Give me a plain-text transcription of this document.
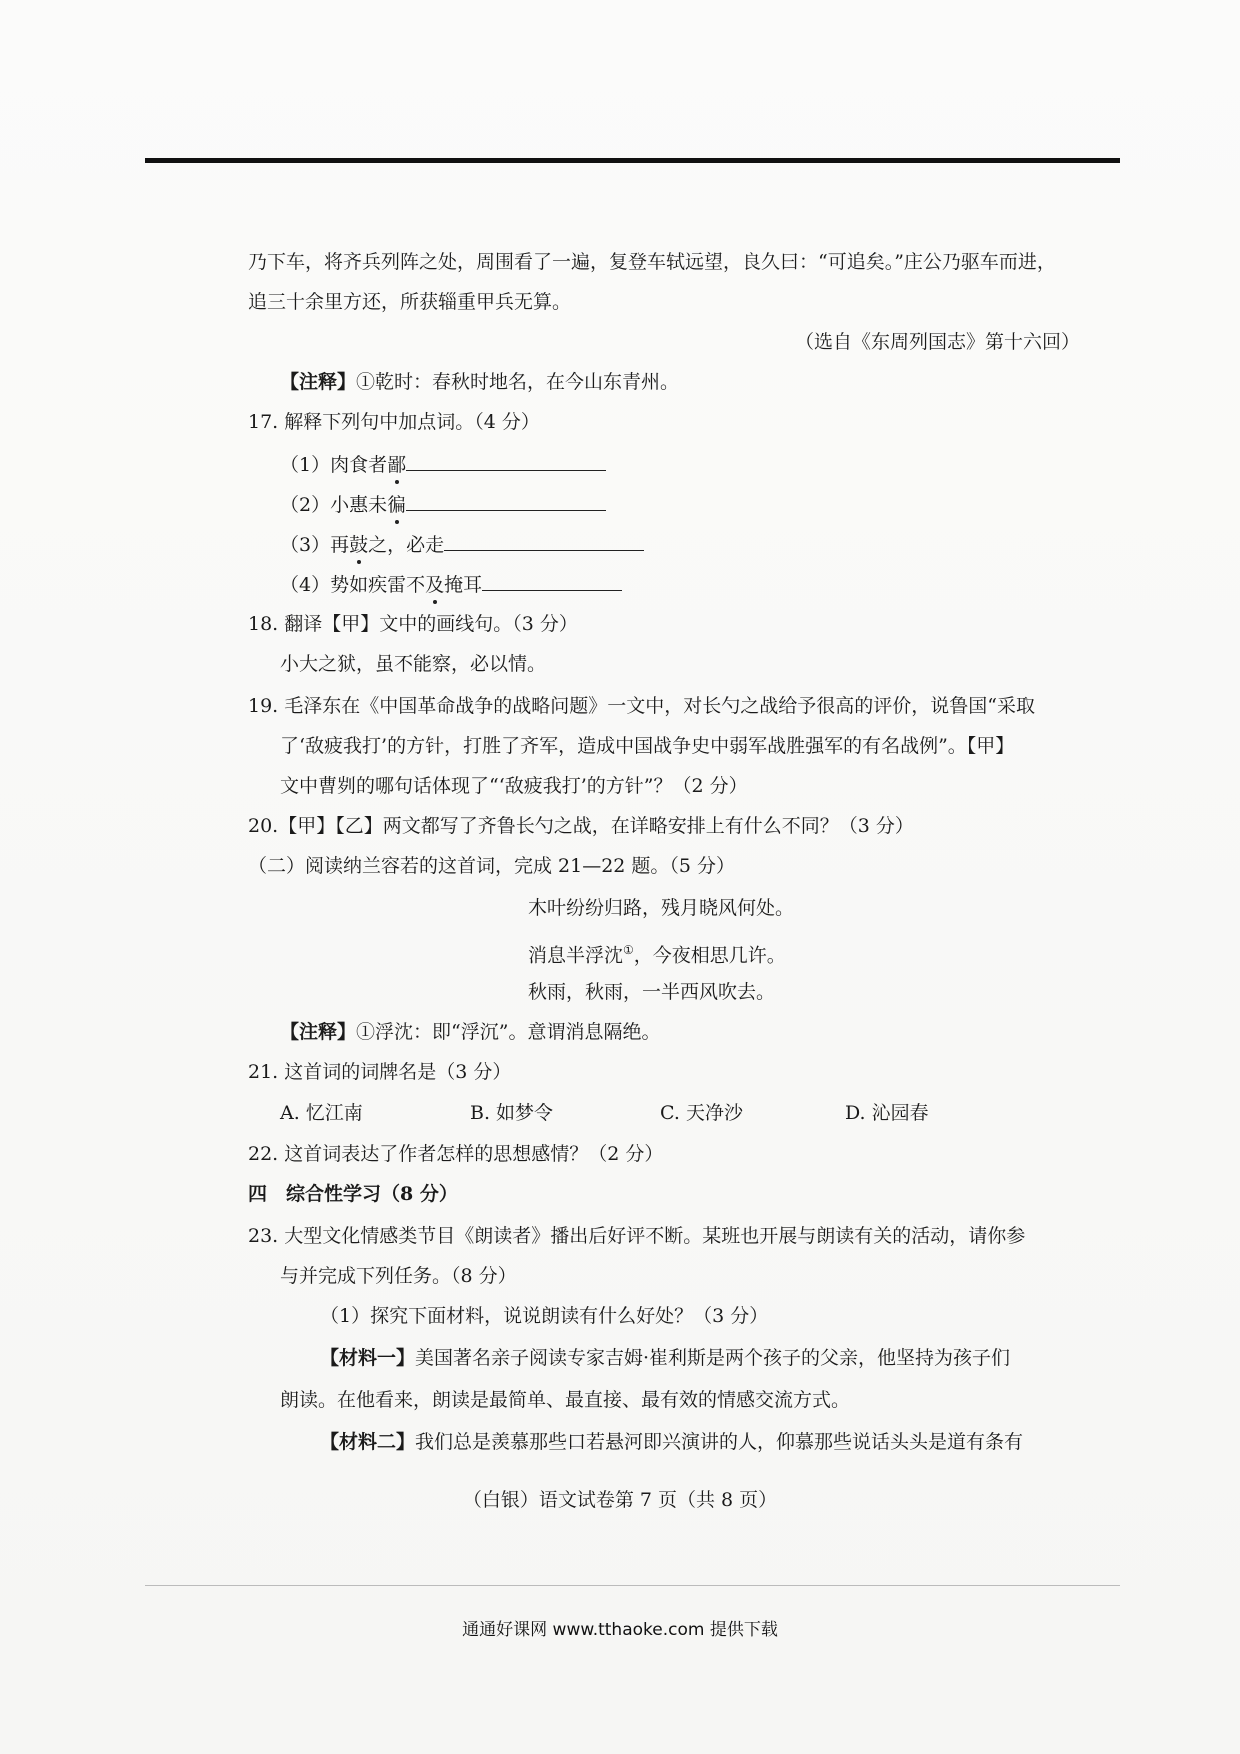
乃下车，将齐兵列阵之处，周围看了一遍，复登车轼远望，良久曰：“可追矣。”庄公乃驱车而进，
追三十余里方还，所获辎重甲兵无算。
（选自《东周列国志》第十六回）
【注释】①乾时：春秋时地名，在今山东青州。
17. 解释下列句中加点词。（4 分）
（1）肉食者鄙
（2）小惠未徧
（3）再鼓之，必走
（4）势如疾雷不及掩耳
18. 翻译【甲】文中的画线句。（3 分）
小大之狱，虽不能察，必以情。
19. 毛泽东在《中国革命战争的战略问题》一文中，对长勺之战给予很高的评价，说鲁国“采取
了‘敌疲我打’的方针，打胜了齐军，造成中国战争史中弱军战胜强军的有名战例”。【甲】
文中曹刿的哪句话体现了“‘敌疲我打’的方针”？（2 分）
20.【甲】【乙】两文都写了齐鲁长勺之战，在详略安排上有什么不同？（3 分）
（二）阅读纳兰容若的这首词，完成 21—22 题。（5 分）
木叶纷纷归路，残月晓风何处。
消息半浮沈①，今夜相思几许。
秋雨，秋雨，一半西风吹去。
【注释】①浮沈：即“浮沉”。意谓消息隔绝。
21. 这首词的词牌名是（3 分）
A. 忆江南	B. 如梦令	C. 天净沙	D. 沁园春
22. 这首词表达了作者怎样的思想感情？（2 分）
四　综合性学习（8 分）
23. 大型文化情感类节目《朗读者》播出后好评不断。某班也开展与朗读有关的活动，请你参
与并完成下列任务。（8 分）
（1）探究下面材料，说说朗读有什么好处？（3 分）
【材料一】美国著名亲子阅读专家吉姆·崔利斯是两个孩子的父亲，他坚持为孩子们
朗读。在他看来，朗读是最简单、最直接、最有效的情感交流方式。
【材料二】我们总是羡慕那些口若悬河即兴演讲的人，仰慕那些说话头头是道有条有
（白银）语文试卷第 7 页（共 8 页）
通通好课网 www.tthaoke.com 提供下载
